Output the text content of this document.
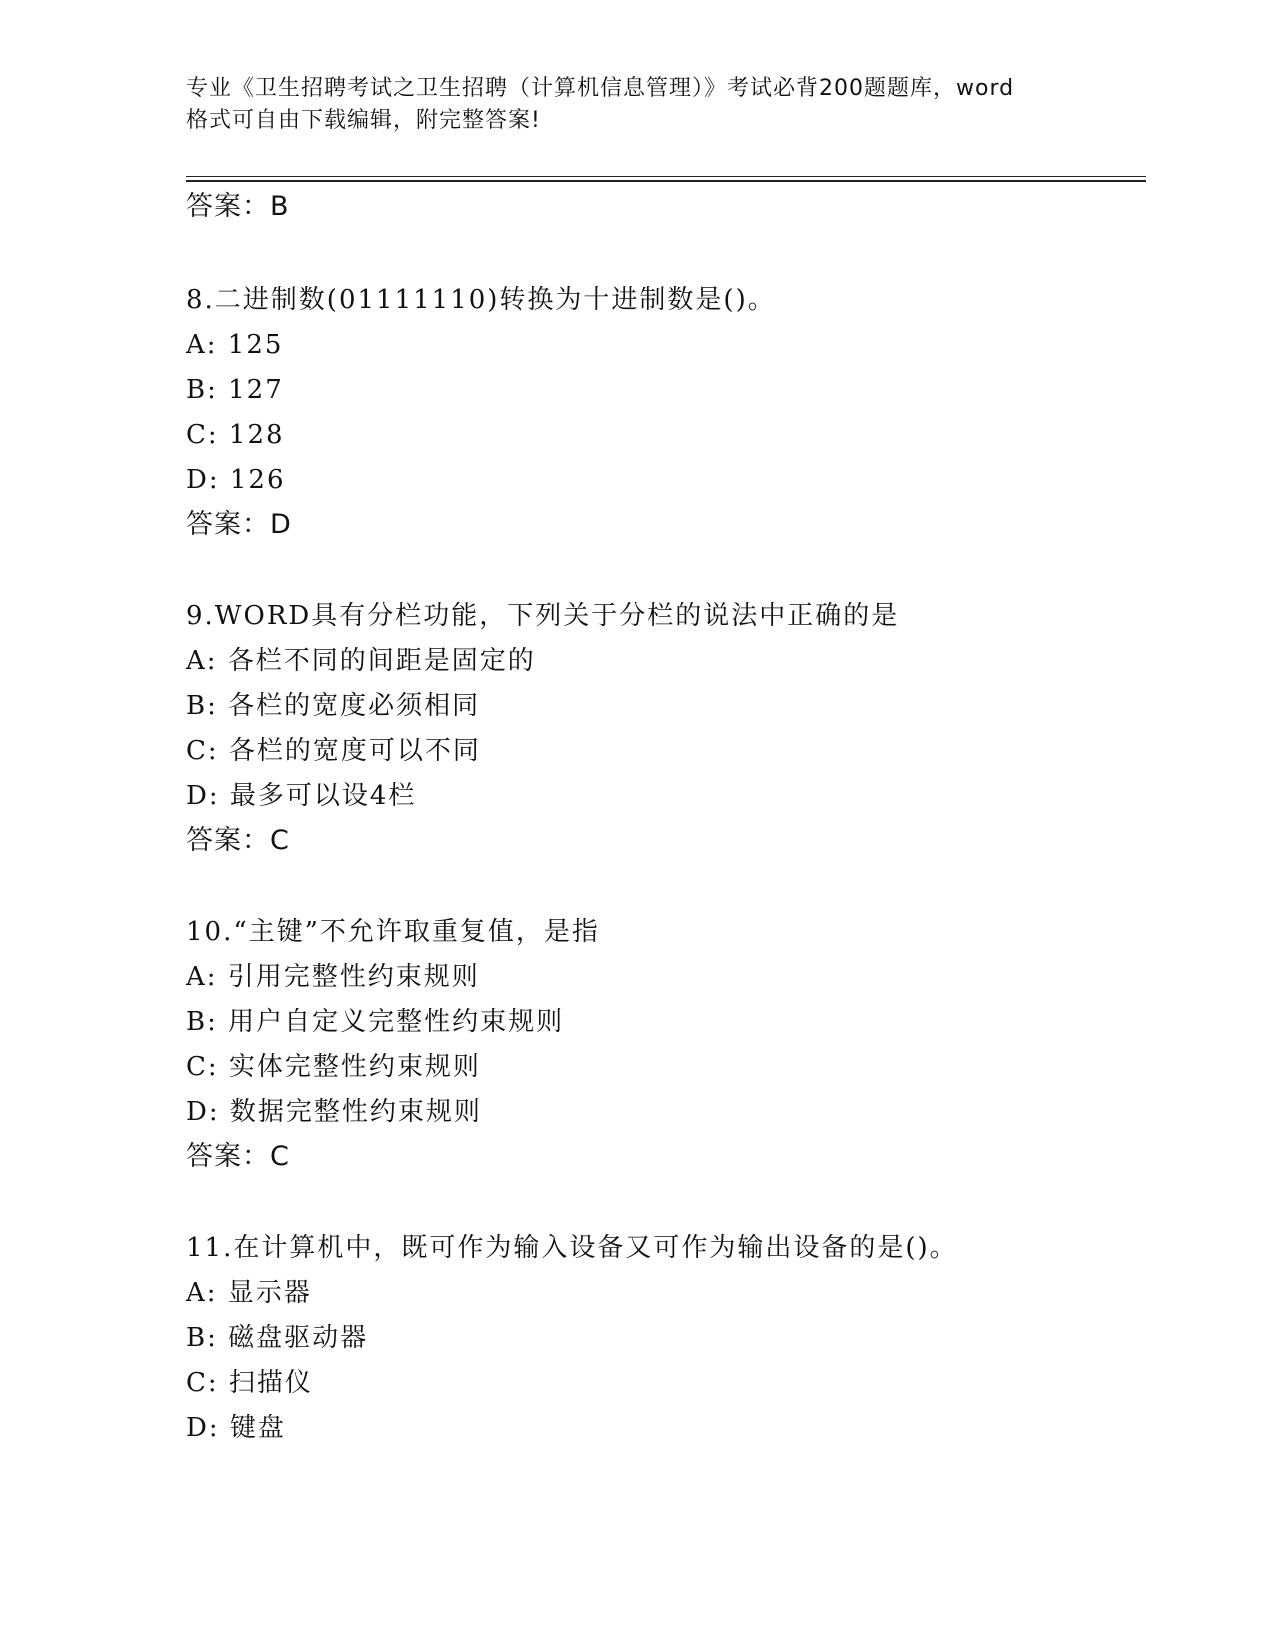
专业《卫生招聘考试之卫生招聘（计算机信息管理）》考试必背200题题库，word
格式可自由下载编辑，附完整答案!
答案：B
8.二进制数(01111110)转换为十进制数是()。
A: 125
B: 127
C: 128
D: 126
答案：D
9.WORD具有分栏功能，下列关于分栏的说法中正确的是
A: 各栏不同的间距是固定的
B: 各栏的宽度必须相同
C: 各栏的宽度可以不同
D: 最多可以设4栏
答案：C
10.“主键”不允许取重复值，是指
A: 引用完整性约束规则
B: 用户自定义完整性约束规则
C: 实体完整性约束规则
D: 数据完整性约束规则
答案：C
11.在计算机中，既可作为输入设备又可作为输出设备的是()。
A: 显示器
B: 磁盘驱动器
C: 扫描仪
D: 键盘
